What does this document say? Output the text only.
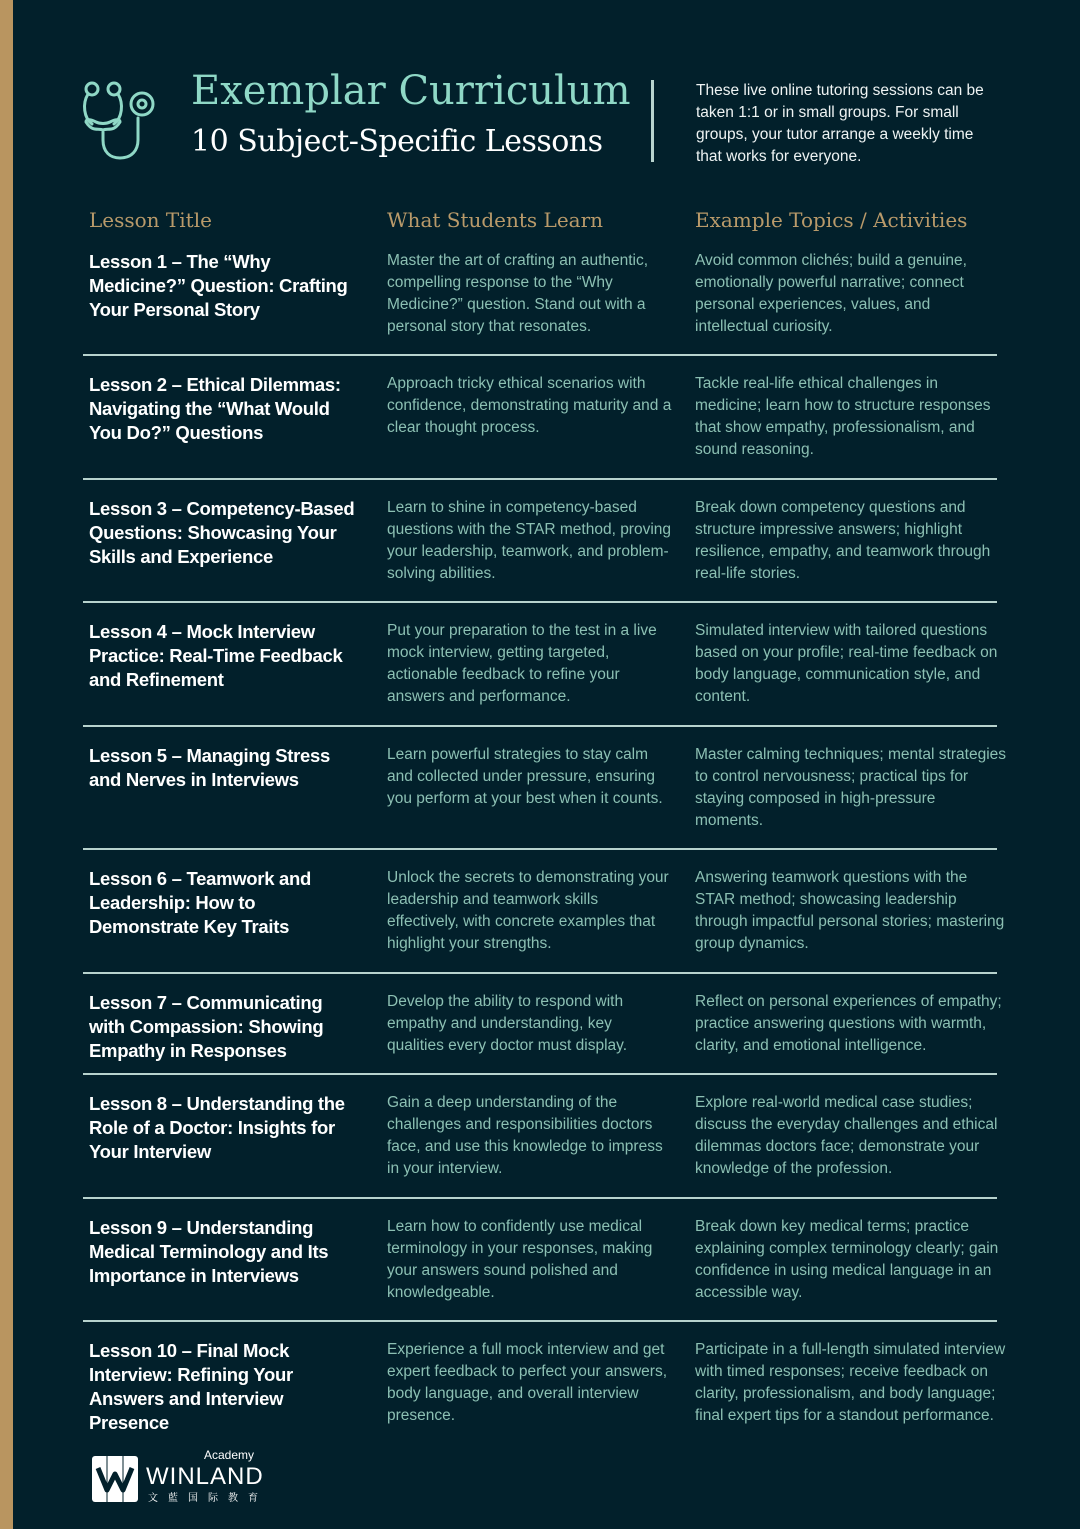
Exemplar Curriculum
10 Subject-Specific Lessons
These live online tutoring sessions can be taken 1:1 or in small groups. For small groups, your tutor arrange a weekly time that works for everyone.
Lesson Title	What Students Learn	Example Topics / Activities
Lesson 1 – The “Why Medicine?” Question: Crafting Your Personal Story
Master the art of crafting an authentic, compelling response to the “Why Medicine?” question. Stand out with a personal story that resonates.
Avoid common clichés; build a genuine, emotionally powerful narrative; connect personal experiences, values, and intellectual curiosity.
Lesson 2 – Ethical Dilemmas: Navigating the “What Would You Do?” Questions
Approach tricky ethical scenarios with confidence, demonstrating maturity and a clear thought process.
Tackle real-life ethical challenges in medicine; learn how to structure responses that show empathy, professionalism, and sound reasoning.
Lesson 3 – Competency-Based Questions: Showcasing Your Skills and Experience
Learn to shine in competency-based questions with the STAR method, proving your leadership, teamwork, and problem-solving abilities.
Break down competency questions and structure impressive answers; highlight resilience, empathy, and teamwork through real-life stories.
Lesson 4 – Mock Interview Practice: Real-Time Feedback and Refinement
Put your preparation to the test in a live mock interview, getting targeted, actionable feedback to refine your answers and performance.
Simulated interview with tailored questions based on your profile; real-time feedback on body language, communication style, and content.
Lesson 5 – Managing Stress and Nerves in Interviews
Learn powerful strategies to stay calm and collected under pressure, ensuring you perform at your best when it counts.
Master calming techniques; mental strategies to control nervousness; practical tips for staying composed in high-pressure moments.
Lesson 6 – Teamwork and Leadership: How to Demonstrate Key Traits
Unlock the secrets to demonstrating your leadership and teamwork skills effectively, with concrete examples that highlight your strengths.
Answering teamwork questions with the STAR method; showcasing leadership through impactful personal stories; mastering group dynamics.
Lesson 7 – Communicating with Compassion: Showing Empathy in Responses
Develop the ability to respond with empathy and understanding, key qualities every doctor must display.
Reflect on personal experiences of empathy; practice answering questions with warmth, clarity, and emotional intelligence.
Lesson 8 – Understanding the Role of a Doctor: Insights for Your Interview
Gain a deep understanding of the challenges and responsibilities doctors face, and use this knowledge to impress in your interview.
Explore real-world medical case studies; discuss the everyday challenges and ethical dilemmas doctors face; demonstrate your knowledge of the profession.
Lesson 9 – Understanding Medical Terminology and Its Importance in Interviews
Learn how to confidently use medical terminology in your responses, making your answers sound polished and knowledgeable.
Break down key medical terms; practice explaining complex terminology clearly; gain confidence in using medical language in an accessible way.
Lesson 10 – Final Mock Interview: Refining Your Answers and Interview Presence
Experience a full mock interview and get expert feedback to perfect your answers, body language, and overall interview presence.
Participate in a full-length simulated interview with timed responses; receive feedback on clarity, professionalism, and body language; final expert tips for a standout performance.
Academy
WINLAND
文藍国际教育
